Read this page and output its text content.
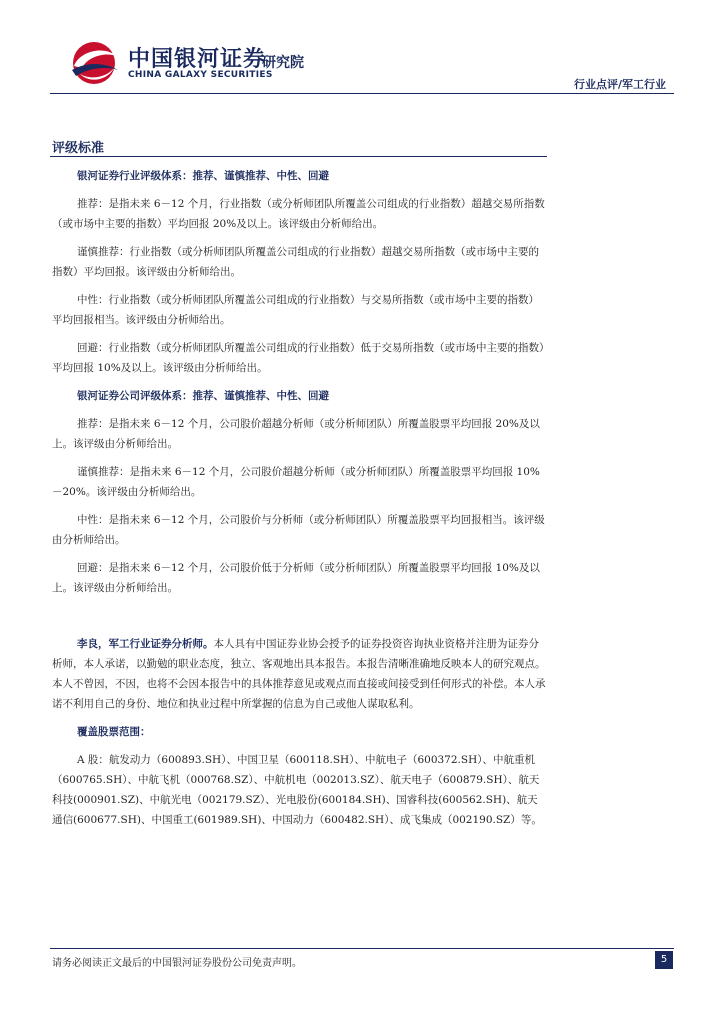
中国银河证券
研究院
CHINA GALAXY SECURITIES
行业点评/军工行业
评级标准

银河证券行业评级体系：推荐、谨慎推荐、中性、回避

推荐：是指未来 6－12 个月，行业指数（或分析师团队所覆盖公司组成的行业指数）超越交易所指数（或市场中主要的指数）平均回报 20%及以上。该评级由分析师给出。

谨慎推荐：行业指数（或分析师团队所覆盖公司组成的行业指数）超越交易所指数（或市场中主要的指数）平均回报。该评级由分析师给出。

中性：行业指数（或分析师团队所覆盖公司组成的行业指数）与交易所指数（或市场中主要的指数）平均回报相当。该评级由分析师给出。

回避：行业指数（或分析师团队所覆盖公司组成的行业指数）低于交易所指数（或市场中主要的指数）平均回报 10%及以上。该评级由分析师给出。

银河证券公司评级体系：推荐、谨慎推荐、中性、回避

推荐：是指未来 6－12 个月，公司股价超越分析师（或分析师团队）所覆盖股票平均回报 20%及以上。该评级由分析师给出。

谨慎推荐：是指未来 6－12 个月，公司股价超越分析师（或分析师团队）所覆盖股票平均回报 10%－20%。该评级由分析师给出。

中性：是指未来 6－12 个月，公司股价与分析师（或分析师团队）所覆盖股票平均回报相当。该评级由分析师给出。

回避：是指未来 6－12 个月，公司股价低于分析师（或分析师团队）所覆盖股票平均回报 10%及以上。该评级由分析师给出。

李良，军工行业证券分析师。本人具有中国证券业协会授予的证券投资咨询执业资格并注册为证券分析师，本人承诺，以勤勉的职业态度，独立、客观地出具本报告。本报告清晰准确地反映本人的研究观点。本人不曾因，不因，也将不会因本报告中的具体推荐意见或观点而直接或间接受到任何形式的补偿。本人承诺不利用自己的身份、地位和执业过程中所掌握的信息为自己或他人谋取私利。

覆盖股票范围：

A 股：航发动力（600893.SH）、中国卫星（600118.SH）、中航电子（600372.SH）、中航重机（600765.SH）、中航飞机（000768.SZ）、中航机电（002013.SZ）、航天电子（600879.SH）、航天科技(000901.SZ)、中航光电（002179.SZ）、光电股份(600184.SH)、国睿科技(600562.SH)、航天通信(600677.SH)、中国重工(601989.SH)、中国动力（600482.SH）、成飞集成（002190.SZ）等。

请务必阅读正文最后的中国银河证券股份公司免责声明。	5
